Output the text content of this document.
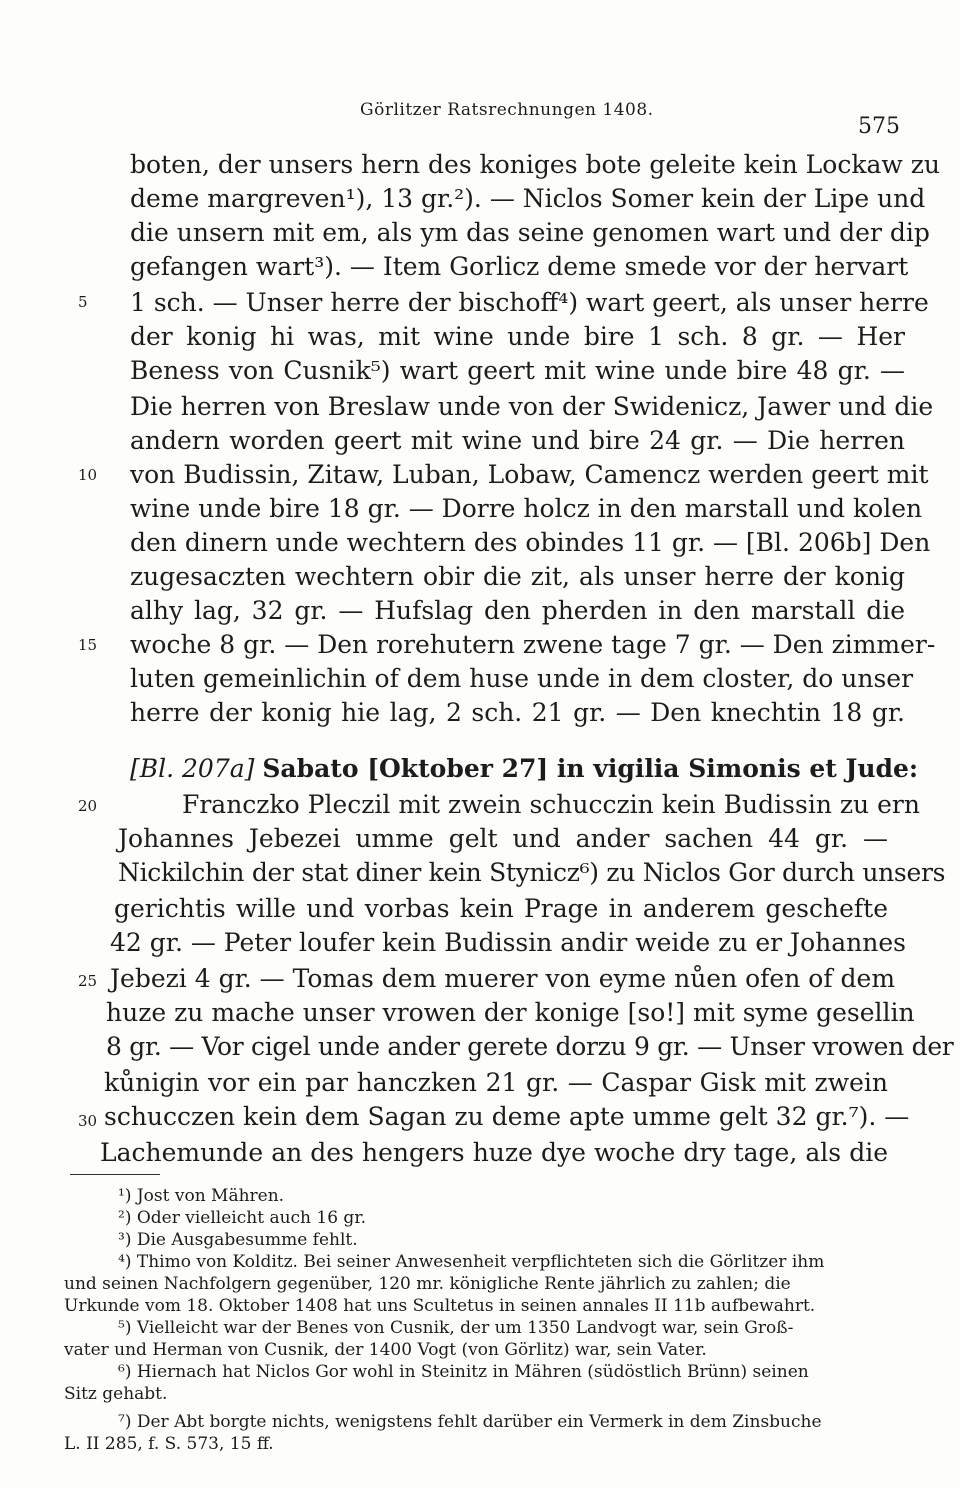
Görlitzer Ratsrechnungen 1408.
575
boten, der unsers hern des koniges bote geleite kein Lockaw zu
deme margreven¹), 13 gr.²). — Niclos Somer kein der Lipe und
die unsern mit em, als ym das seine genomen wart und der dip
gefangen wart³). — Item Gorlicz deme smede vor der hervart
1 sch. — Unser herre der bischoff⁴) wart geert, als unser herre
der konig hi was, mit wine unde bire 1 sch. 8 gr. — Her
Beness von Cusnik⁵) wart geert mit wine unde bire 48 gr. —
Die herren von Breslaw unde von der Swidenicz, Jawer und die
andern worden geert mit wine und bire 24 gr. — Die herren
von Budissin, Zitaw, Luban, Lobaw, Camencz werden geert mit
wine unde bire 18 gr. — Dorre holcz in den marstall und kolen
den dinern unde wechtern des obindes 11 gr. — [Bl. 206b] Den
zugesaczten wechtern obir die zit, als unser herre der konig
alhy lag, 32 gr. — Hufslag den pherden in den marstall die
woche 8 gr. — Den rorehutern zwene tage 7 gr. — Den zimmer-
luten gemeinlichin of dem huse unde in dem closter, do unser
herre der konig hie lag, 2 sch. 21 gr. — Den knechtin 18 gr.
5
10
15
20
25
30
[Bl. 207a] Sabato [Oktober 27] in vigilia Simonis et Jude:
Franczko Pleczil mit zwein schucczin kein Budissin zu ern
Johannes Jebezei umme gelt und ander sachen 44 gr. —
Nickilchin der stat diner kein Stynicz⁶) zu Niclos Gor durch unsers
gerichtis wille und vorbas kein Prage in anderem geschefte
42 gr. — Peter loufer kein Budissin andir weide zu er Johannes
Jebezi 4 gr. — Tomas dem muerer von eyme nůen ofen of dem
huze zu mache unser vrowen der konige [so!] mit syme gesellin
8 gr. — Vor cigel unde ander gerete dorzu 9 gr. — Unser vrowen der
kůnigin vor ein par hanczken 21 gr. — Caspar Gisk mit zwein
schucczen kein dem Sagan zu deme apte umme gelt 32 gr.⁷). —
Lachemunde an des hengers huze dye woche dry tage, als die
¹) Jost von Mähren.
²) Oder vielleicht auch 16 gr.
³) Die Ausgabesumme fehlt.
⁴) Thimo von Kolditz. Bei seiner Anwesenheit verpflichteten sich die Görlitzer ihm
und seinen Nachfolgern gegenüber, 120 mr. königliche Rente jährlich zu zahlen; die
Urkunde vom 18. Oktober 1408 hat uns Scultetus in seinen annales II 11b aufbewahrt.
⁵) Vielleicht war der Benes von Cusnik, der um 1350 Landvogt war, sein Groß-
vater und Herman von Cusnik, der 1400 Vogt (von Görlitz) war, sein Vater.
⁶) Hiernach hat Niclos Gor wohl in Steinitz in Mähren (südöstlich Brünn) seinen
Sitz gehabt.
⁷) Der Abt borgte nichts, wenigstens fehlt darüber ein Vermerk in dem Zinsbuche
L. II 285, f. S. 573, 15 ff.
